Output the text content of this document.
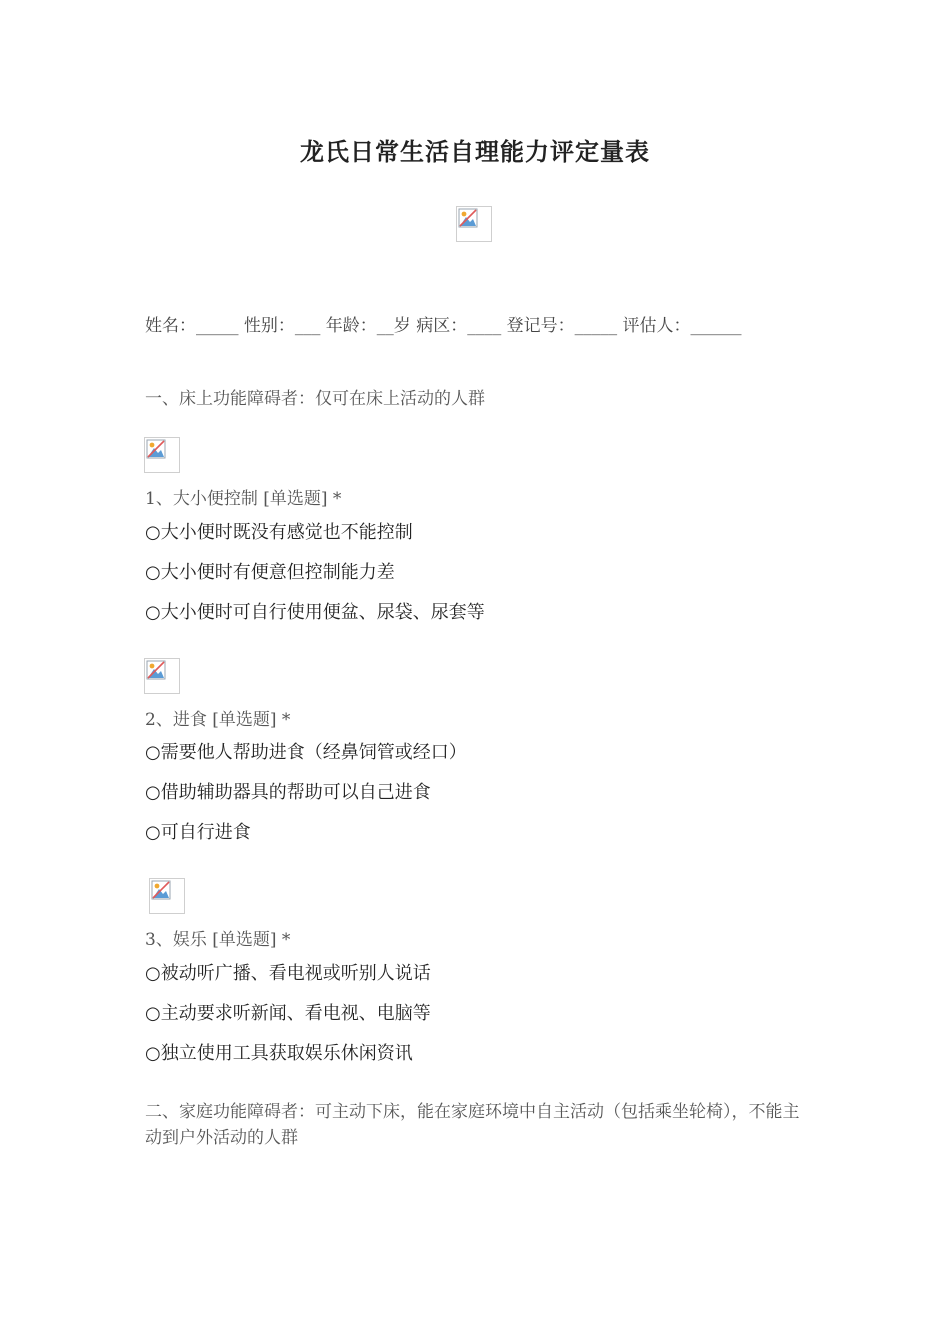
龙氏日常生活自理能力评定量表
姓名：_____ 性别：___ 年龄：__岁 病区：____ 登记号：_____ 评估人：______
一、床上功能障碍者：仅可在床上活动的人群
1、大小便控制 [单选题] *
○大小便时既没有感觉也不能控制
○大小便时有便意但控制能力差
○大小便时可自行使用便盆、尿袋、尿套等
2、进食 [单选题] *
○需要他人帮助进食（经鼻饲管或经口）
○借助辅助器具的帮助可以自己进食
○可自行进食
3、娱乐 [单选题] *
○被动听广播、看电视或听别人说话
○主动要求听新闻、看电视、电脑等
○独立使用工具获取娱乐休闲资讯
二、家庭功能障碍者：可主动下床，能在家庭环境中自主活动（包括乘坐轮椅），不能主动到户外活动的人群
